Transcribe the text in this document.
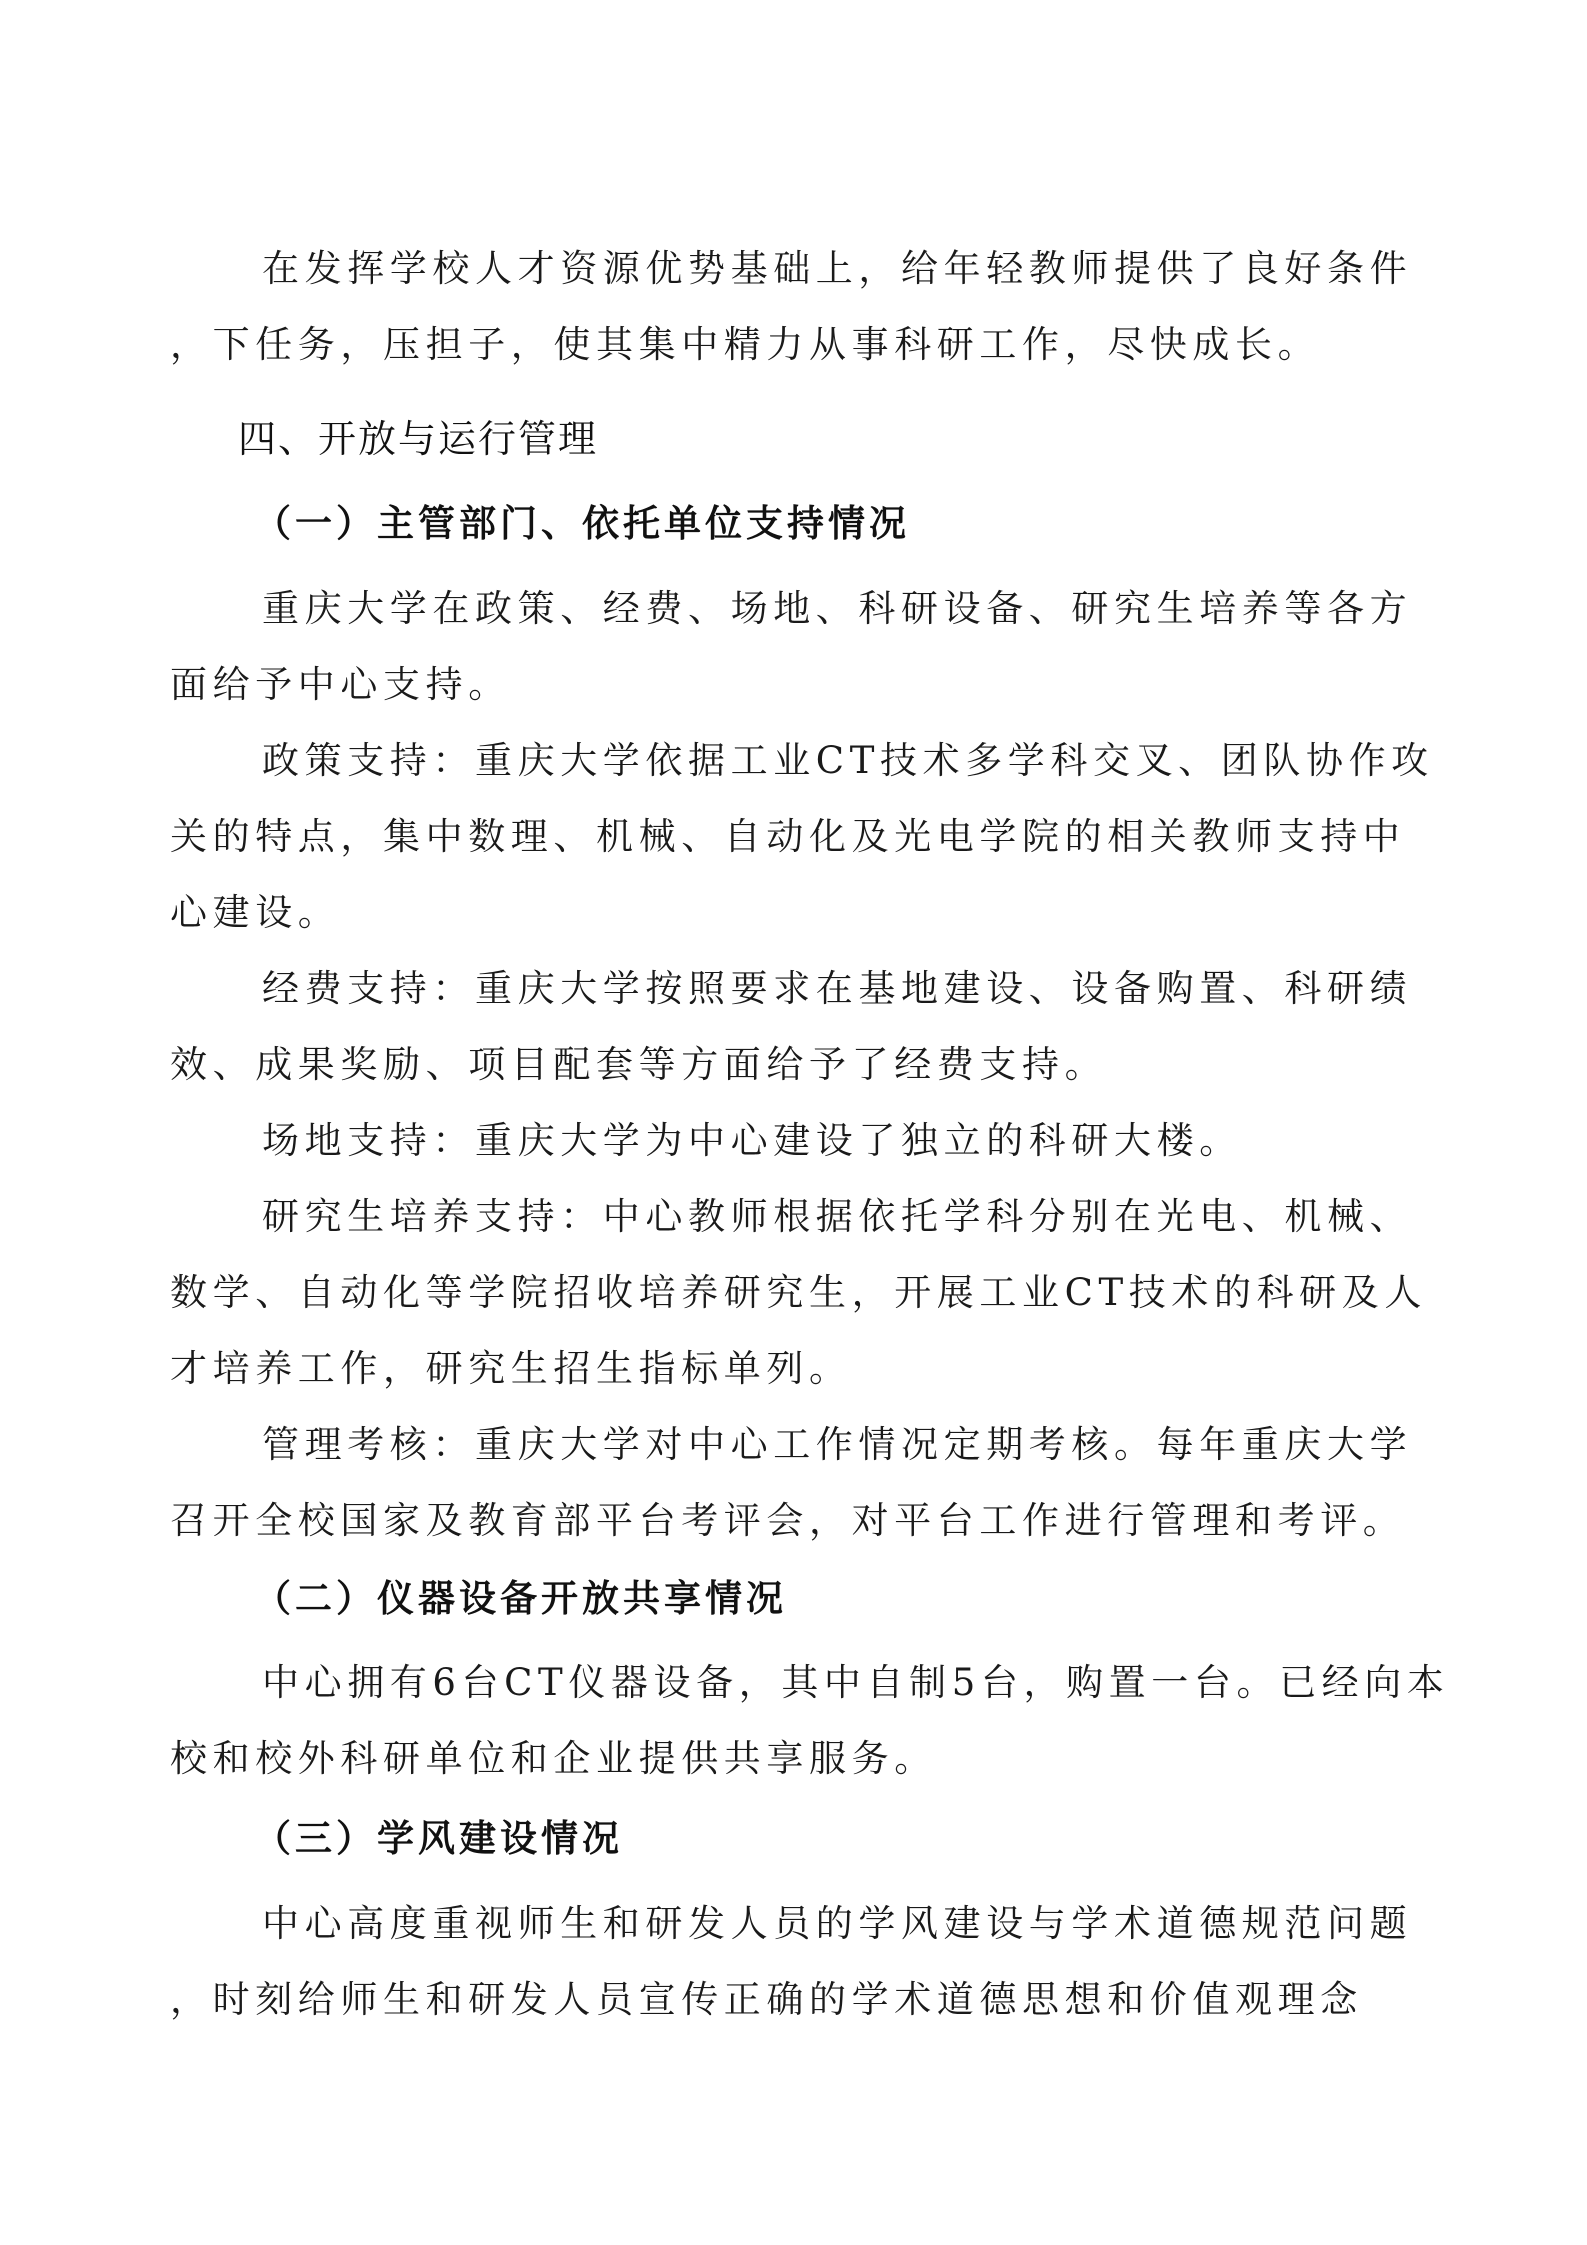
在发挥学校人才资源优势基础上，给年轻教师提供了良好条件
，下任务，压担子，使其集中精力从事科研工作，尽快成长。
四、开放与运行管理
（一）主管部门、依托单位支持情况
重庆大学在政策、经费、场地、科研设备、研究生培养等各方
面给予中心支持。
政策支持：重庆大学依据工业CT技术多学科交叉、团队协作攻
关的特点，集中数理、机械、自动化及光电学院的相关教师支持中
心建设。
经费支持：重庆大学按照要求在基地建设、设备购置、科研绩
效、成果奖励、项目配套等方面给予了经费支持。
场地支持：重庆大学为中心建设了独立的科研大楼。
研究生培养支持：中心教师根据依托学科分别在光电、机械、
数学、自动化等学院招收培养研究生，开展工业CT技术的科研及人
才培养工作，研究生招生指标单列。
管理考核：重庆大学对中心工作情况定期考核。每年重庆大学
召开全校国家及教育部平台考评会，对平台工作进行管理和考评。
（二）仪器设备开放共享情况
中心拥有6台CT仪器设备，其中自制5台，购置一台。已经向本
校和校外科研单位和企业提供共享服务。
（三）学风建设情况
中心高度重视师生和研发人员的学风建设与学术道德规范问题
，时刻给师生和研发人员宣传正确的学术道德思想和价值观理念
